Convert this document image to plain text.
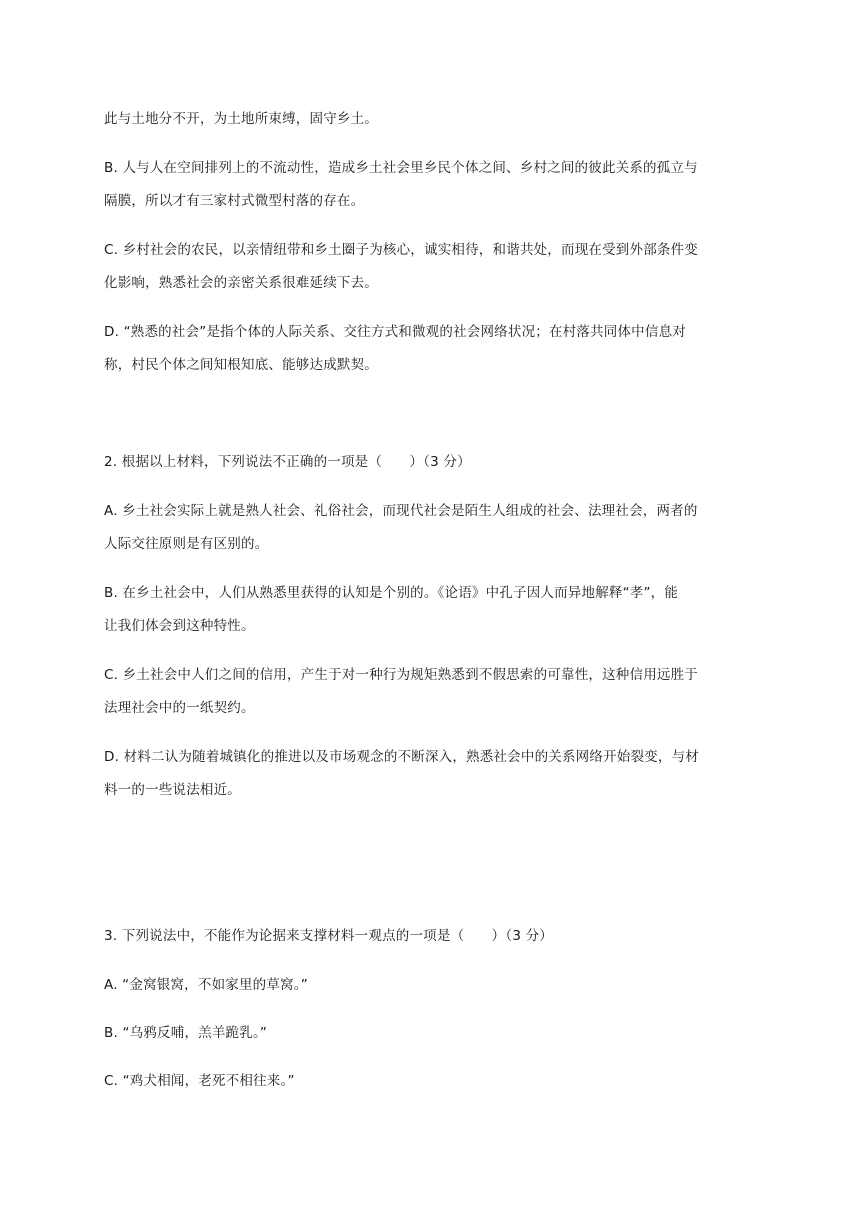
此与土地分不开，为土地所束缚，固守乡土。
B. 人与人在空间排列上的不流动性，造成乡土社会里乡民个体之间、乡村之间的彼此关系的孤立与
隔膜，所以才有三家村式微型村落的存在。
C. 乡村社会的农民，以亲情纽带和乡土圈子为核心，诚实相待，和谐共处，而现在受到外部条件变
化影响，熟悉社会的亲密关系很难延续下去。
D. “熟悉的社会”是指个体的人际关系、交往方式和微观的社会网络状况；在村落共同体中信息对
称，村民个体之间知根知底、能够达成默契。
2. 根据以上材料，下列说法不正确的一项是（　　）（3 分）
A. 乡土社会实际上就是熟人社会、礼俗社会，而现代社会是陌生人组成的社会、法理社会，两者的
人际交往原则是有区别的。
B. 在乡土社会中，人们从熟悉里获得的认知是个别的。《论语》中孔子因人而异地解释“孝”，能
让我们体会到这种特性。
C. 乡土社会中人们之间的信用，产生于对一种行为规矩熟悉到不假思索的可靠性，这种信用远胜于
法理社会中的一纸契约。
D. 材料二认为随着城镇化的推进以及市场观念的不断深入，熟悉社会中的关系网络开始裂变，与材
料一的一些说法相近。
3. 下列说法中，不能作为论据来支撑材料一观点的一项是（　　）（3 分）
A. “金窝银窝，不如家里的草窝。”
B. “乌鸦反哺，羔羊跪乳。”
C. “鸡犬相闻，老死不相往来。”
